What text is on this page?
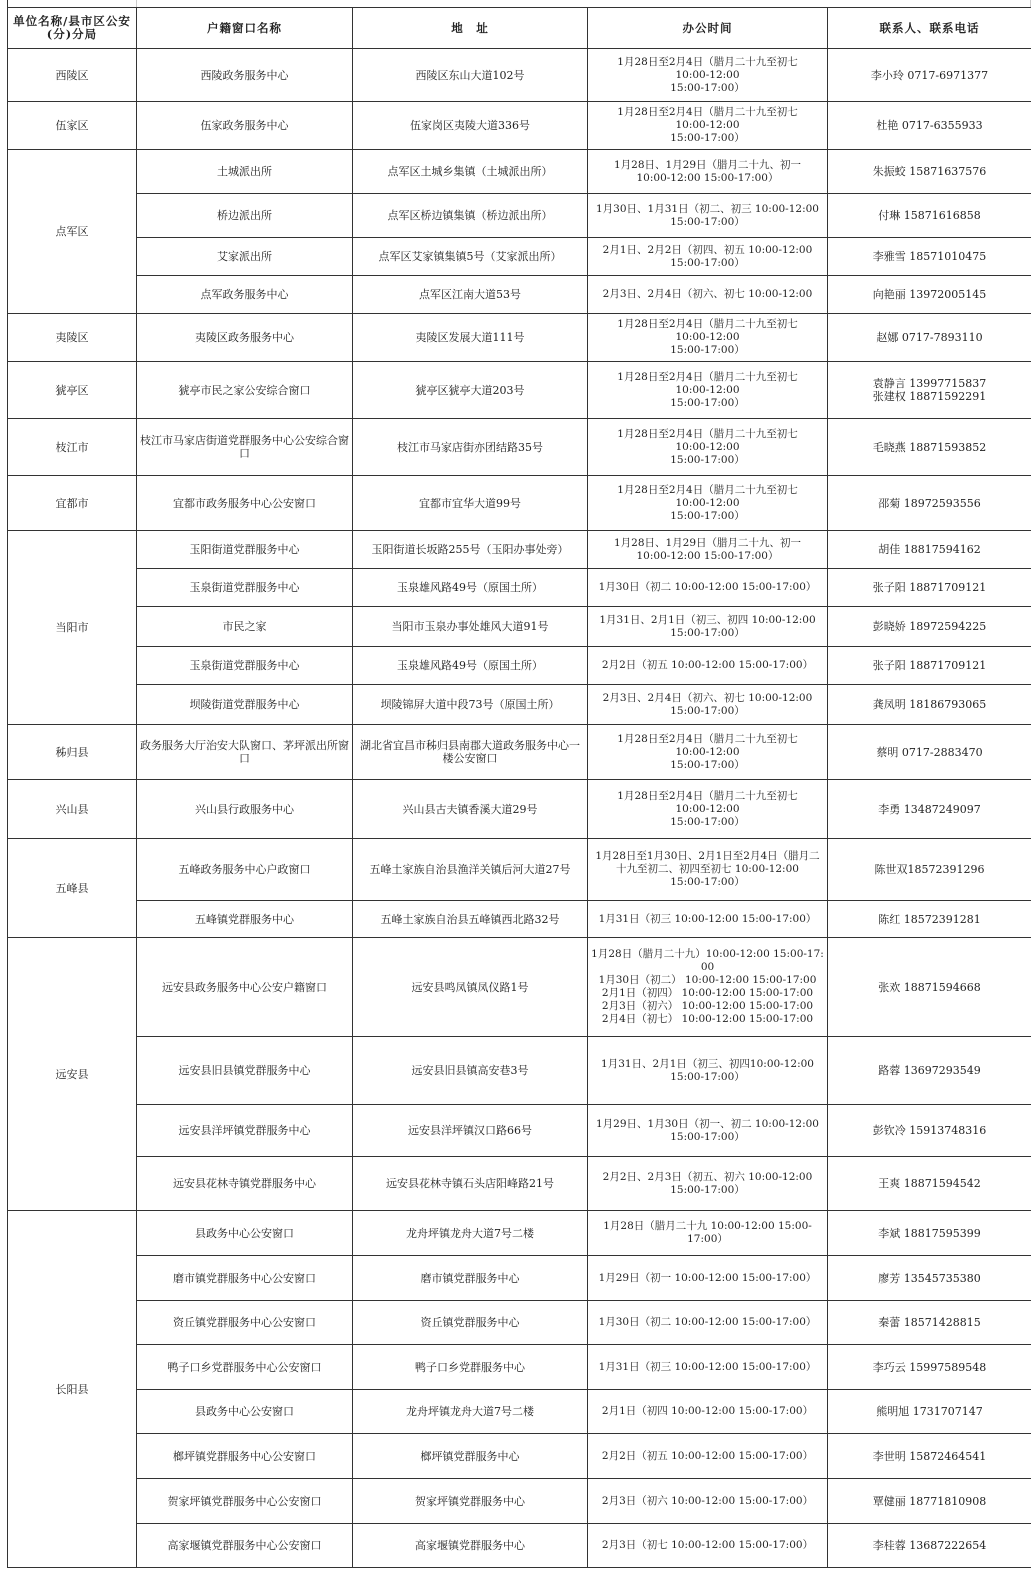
单位名称/县市区公安
(分)分局	户籍窗口名称	地　址	办公时间	联系人、联系电话
西陵区	西陵政务服务中心	西陵区东山大道102号	1月28日至2月4日（腊月二十九至初七
10:00-12:00
15:00-17:00）	李小玲 0717-6971377
伍家区	伍家政务服务中心	伍家岗区夷陵大道336号	1月28日至2月4日（腊月二十九至初七
10:00-12:00
15:00-17:00）	杜艳 0717-6355933
点军区	土城派出所	点军区土城乡集镇（土城派出所）	1月28日、1月29日（腊月二十九、初一
10:00-12:00 15:00-17:00）	朱振蛟 15871637576
	桥边派出所	点军区桥边镇集镇（桥边派出所）	1月30日、1月31日（初二、初三 10:00-12:00
15:00-17:00）	付琳 15871616858
	艾家派出所	点军区艾家镇集镇5号（艾家派出所）	2月1日、2月2日（初四、初五 10:00-12:00
15:00-17:00）	李雅雪 18571010475
	点军政务服务中心	点军区江南大道53号	2月3日、2月4日（初六、初七 10:00-12:00	向艳丽 13972005145
夷陵区	夷陵区政务服务中心	夷陵区发展大道111号	1月28日至2月4日（腊月二十九至初七
10:00-12:00
15:00-17:00）	赵娜 0717-7893110
猇亭区	猇亭市民之家公安综合窗口	猇亭区猇亭大道203号	1月28日至2月4日（腊月二十九至初七
10:00-12:00
15:00-17:00）	袁静言 13997715837
张建权 18871592291
枝江市	枝江市马家店街道党群服务中心公安综合窗口	枝江市马家店街亦团结路35号	1月28日至2月4日（腊月二十九至初七
10:00-12:00
15:00-17:00）	毛晓燕 18871593852
宜都市	宜都市政务服务中心公安窗口	宜都市宜华大道99号	1月28日至2月4日（腊月二十九至初七
10:00-12:00
15:00-17:00）	邵菊 18972593556
当阳市	玉阳街道党群服务中心	玉阳街道长坂路255号（玉阳办事处旁）	1月28日、1月29日（腊月二十九、初一
10:00-12:00 15:00-17:00）	胡佳 18817594162
	玉泉街道党群服务中心	玉泉雄风路49号（原国土所）	1月30日（初二 10:00-12:00 15:00-17:00）	张子阳 18871709121
	市民之家	当阳市玉泉办事处雄风大道91号	1月31日、2月1日（初三、初四 10:00-12:00
15:00-17:00）	彭晓娇 18972594225
	玉泉街道党群服务中心	玉泉雄风路49号（原国土所）	2月2日（初五 10:00-12:00 15:00-17:00）	张子阳 18871709121
	坝陵街道党群服务中心	坝陵锦屏大道中段73号（原国土所）	2月3日、2月4日（初六、初七 10:00-12:00
15:00-17:00）	龚凤明 18186793065
秭归县	政务服务大厅治安大队窗口、茅坪派出所窗口	湖北省宜昌市秭归县南郡大道政务服务中心一楼公安窗口	1月28日至2月4日（腊月二十九至初七
10:00-12:00
15:00-17:00）	蔡明 0717-2883470
兴山县	兴山县行政服务中心	兴山县古夫镇香溪大道29号	1月28日至2月4日（腊月二十九至初七
10:00-12:00
15:00-17:00）	李勇 13487249097
五峰县	五峰政务服务中心户政窗口	五峰土家族自治县渔洋关镇后河大道27号	1月28日至1月30日、2月1日至2月4日（腊月二十九至初二、初四至初七 10:00-12:00
15:00-17:00）	陈世双18572391296
	五峰镇党群服务中心	五峰土家族自治县五峰镇西北路32号	1月31日（初三 10:00-12:00 15:00-17:00）	陈红 18572391281
远安县	远安县政务服务中心公安户籍窗口	远安县鸣凤镇凤仪路1号	1月28日（腊月二十九）10:00-12:00 15:00-17:00
1月30日（初二） 10:00-12:00 15:00-17:00
2月1日（初四） 10:00-12:00 15:00-17:00
2月3日（初六） 10:00-12:00 15:00-17:00
2月4日（初七） 10:00-12:00 15:00-17:00	张欢 18871594668
	远安县旧县镇党群服务中心	远安县旧县镇高安巷3号	1月31日、2月1日（初三、初四10:00-12:00
15:00-17:00）	路蓉 13697293549
	远安县洋坪镇党群服务中心	远安县洋坪镇汉口路66号	1月29日、1月30日（初一、初二 10:00-12:00
15:00-17:00）	彭钦冷 15913748316
	远安县花林寺镇党群服务中心	远安县花林寺镇石头店阳峰路21号	2月2日、2月3日（初五、初六 10:00-12:00
15:00-17:00）	王爽 18871594542
长阳县	县政务中心公安窗口	龙舟坪镇龙舟大道7号二楼	1月28日（腊月二十九 10:00-12:00 15:00-
17:00）	李斌 18817595399
	磨市镇党群服务中心公安窗口	磨市镇党群服务中心	1月29日（初一 10:00-12:00 15:00-17:00）	廖芳 13545735380
	资丘镇党群服务中心公安窗口	资丘镇党群服务中心	1月30日（初二 10:00-12:00 15:00-17:00）	秦蕾 18571428815
	鸭子口乡党群服务中心公安窗口	鸭子口乡党群服务中心	1月31日（初三 10:00-12:00 15:00-17:00）	李巧云 15997589548
	县政务中心公安窗口	龙舟坪镇龙舟大道7号二楼	2月1日（初四 10:00-12:00 15:00-17:00）	熊明旭 1731707147
	榔坪镇党群服务中心公安窗口	榔坪镇党群服务中心	2月2日（初五 10:00-12:00 15:00-17:00）	李世明 15872464541
	贺家坪镇党群服务中心公安窗口	贺家坪镇党群服务中心	2月3日（初六 10:00-12:00 15:00-17:00）	覃健丽 18771810908
	高家堰镇党群服务中心公安窗口	高家堰镇党群服务中心	2月3日（初七 10:00-12:00 15:00-17:00）	李桂蓉 13687222654
